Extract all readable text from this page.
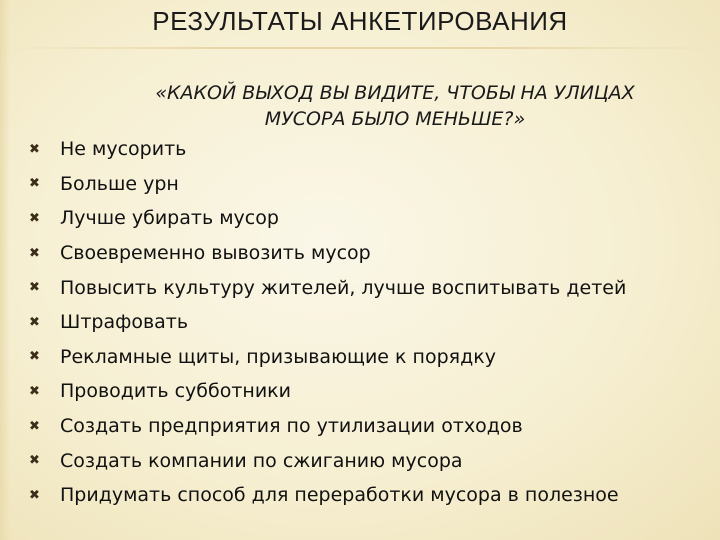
РЕЗУЛЬТАТЫ АНКЕТИРОВАНИЯ
«КАКОЙ ВЫХОД ВЫ ВИДИТЕ, ЧТОБЫ НА УЛИЦАХ
МУСОРА БЫЛО МЕНЬШЕ?»
✖	Не мусорить
✖	Больше урн
✖	Лучше убирать мусор
✖	Своевременно вывозить мусор
✖	Повысить культуру жителей, лучше воспитывать детей
✖	Штрафовать
✖	Рекламные щиты, призывающие к порядку
✖	Проводить субботники
✖	Создать предприятия по утилизации отходов
✖	Создать компании по сжиганию мусора
✖	Придумать способ для переработки мусора в полезное
